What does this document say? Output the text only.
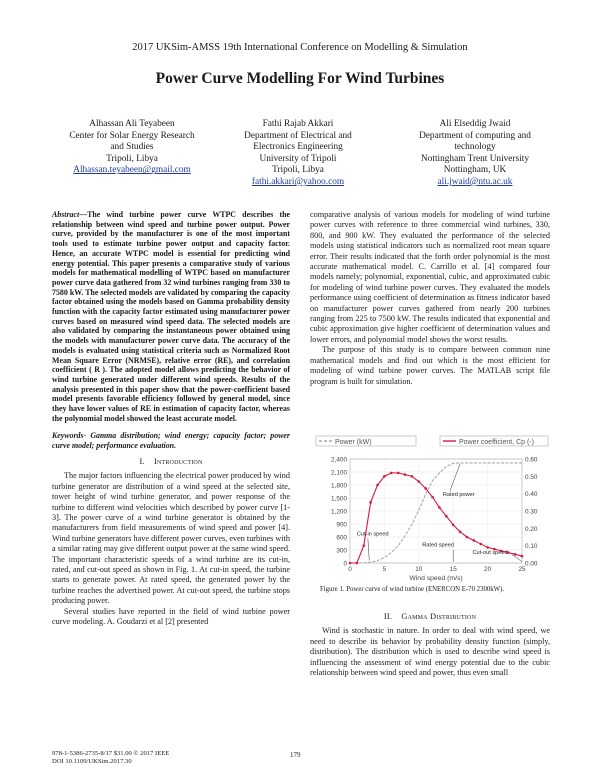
2017 UKSim-AMSS 19th International Conference on Modelling & Simulation
Power Curve Modelling For Wind Turbines
Alhassan Ali Teyabeen
Center for Solar Energy Research
and Studies
Tripoli, Libya
Alhassan.teyabeen@gmail.com
Fathi Rajab Akkari
Department of Electrical and
Electronics Engineering
University of Tripoli
Tripoli, Libya
fathi.akkari@yahoo.com
Ali Elseddig Jwaid
Department of computing and
technology
Nottingham Trent University
Nottingham, UK
ali.jwaid@ntu.ac.uk
Abstract—The wind turbine power curve WTPC describes the relationship between wind speed and turbine power output. Power curve, provided by the manufacturer is one of the most important tools used to estimate turbine power output and capacity factor. Hence, an accurate WTPC model is essential for predicting wind energy potential. This paper presents a comparative study of various models for mathematical modelling of WTPC based on manufacturer power curve data gathered from 32 wind turbines ranging from 330 to 7580 kW. The selected models are validated by comparing the capacity factor obtained using the models based on Gamma probability density function with the capacity factor estimated using manufacturer power curves based on measured wind speed data. The selected models are also validated by comparing the instantaneous power obtained using the models with manufacturer power curve data. The accuracy of the models is evaluated using statistical criteria such as Normalized Root Mean Square Error (NRMSE), relative error (RE), and correlation coefficient ( R ). The adopted model allows predicting the behavior of wind turbine generated under different wind speeds. Results of the analysis presented in this paper show that the power-coefficient based model presents favorable efficiency followed by general model, since they have lower values of RE in estimation of capacity factor, whereas the polynomial model showed the least accurate model.
Keywords- Gamma distribution; wind energy; capacity factor; power curve model; performance evaluation.
I. Introduction

The major factors influencing the electrical power produced by wind turbine generator are distribution of a wind speed at the selected site, tower height of wind turbine generator, and power response of the turbine to different wind velocities which described by power curve [1-3]. The power curve of a wind turbine generator is obtained by the manufacturers from field measurements of wind speed and power [4]. Wind turbine generators have different power curves, even turbines with a similar rating may give different output power at the same wind speed. The important characteristic speeds of a wind turbine are its cut-in, rated, and cut-out speed as shown in Fig. 1. At cut-in speed, the turbine starts to generate power. At rated speed, the generated power by the turbine reaches the advertised power. At cut-out speed, the turbine stops producing power.

Several studies have reported in the field of wind turbine power curve modeling. A. Goudarzi et al [2] presented

comparative analysis of various models for modeling of wind turbine power curves with reference to three commercial wind turbines, 330, 800, and 900 kW. They evaluated the performance of the selected models using statistical indicators such as normalized root mean square error. Their results indicated that the forth order polynomial is the most accurate mathematical model. C. Carrillo et al. [4] compared four models namely; polynomial, exponential, cubic, and approximated cubic for modeling of wind turbine power curves. They evaluated the models performance using coefficient of determination as fitness indicator based on manufacturer power curves gathered from nearly 200 turbines ranging from 225 to 7500 kW. The results indicated that exponential and cubic approximation give higher coefficient of determination values and lower errors, and polynomial model shows the worst results.

The purpose of this study is to compare between common nine mathematical models and find out which is the most efficient for modeling of wind turbine power curves. The MATLAB script file program is built for simulation.

Power (kW)	Power coefficient, Cp (-)
0
300
600
900
1,200
1,500
1,800
2,100
2,400
0.00
0.10
0.20
0.30
0.40
0.50
0.60
0	5	10	15	20	25
Wind speed (m/s)
Rated power
Cut-in speed
Rated speed
Cut-out speed
Figure 1. Power curve of wind turbine (ENERCON E-70 2300kW).
II. Gamma Distribution

Wind is stochastic in nature. In order to deal with wind speed, we need to describe its behavior by probability density function (simply, distribution). The distribution which is used to describe wind speed is influencing the assessment of wind energy potential due to the cubic relationship between wind speed and power, thus even small

978-1-5386-2735-8/17 $31.00 © 2017 IEEE
DOI 10.1109/UKSim.2017.30
179
